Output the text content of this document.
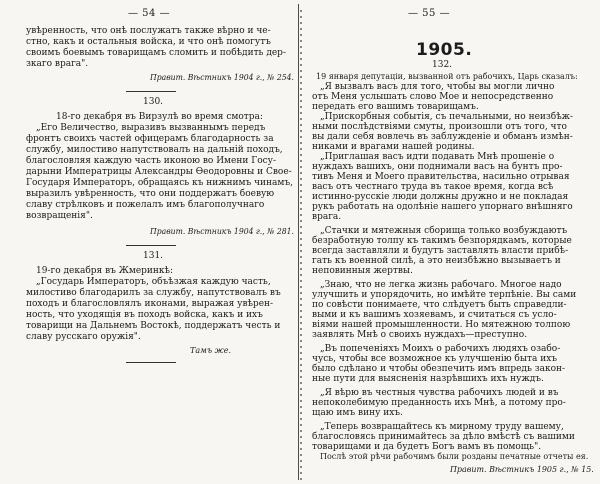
— 54 —
увѣренность, что онѣ послужатъ также вѣрно и че-
стно, какъ и остальныя войска, и что онѣ помогутъ
своимъ боевымъ товарищамъ сломить и побѣдить дер-
зкаго врага".
Правит. Вѣстникъ 1904 г., № 254.
130.
18-го декабря въ Вирзулѣ во время смотра:
„Его Величество, выразивъ вызваннымъ передъ
фронтъ своихъ частей офицерамъ благодарность за
службу, милостиво напутствовалъ на дальній походъ,
благословляя каждую часть иконою во Имени Госу-
дарыни Императрицы Александры Ѳеодоровны и Свое-
Государя Императоръ, обращаясь къ нижнимъ чинамъ,
выразилъ увѣренность, что они поддержатъ боевую
славу стрѣлковъ и пожелалъ имъ благополучнаго
возвращенія".
Правит. Вѣстникъ 1904 г., № 281.
131.
19-го декабря въ Жмеринкѣ:
„Государь Императоръ, объѣзжая каждую часть,
милостиво благодарилъ за службу, напутствовалъ въ
походъ и благословлялъ иконами, выражая увѣрен-
ность, что уходящія въ походъ войска, какъ и ихъ
товарищи на Дальнемъ Востокѣ, поддержатъ честь и
славу русскаго оружія".
Тамъ же.
— 55 —
1905.
132.
19 января депутаціи, вызванной отъ рабочихъ, Царь сказалъ:
„Я вызвалъ васъ для того, чтобы вы могли лично
отъ Меня услышать слово Мое и непосредственно
передать его вашимъ товарищамъ.
„Прискорбныя событія, съ печальными, но неизбѣж-
ными послѣдствіями смуты, произошли отъ того, что
вы дали себя вовлечь въ заблужденіе и обманъ измѣн-
никами и врагами нашей родины.
„Приглашая васъ идти подавать Мнѣ прошеніе о
нуждахъ вашихъ, они поднимали васъ на бунтъ про-
тивъ Меня и Моего правительства, насильно отрывая
васъ отъ честнаго труда въ такое время, когда всѣ
истинно-русскіе люди должны дружно и не покладая
рукъ работать на одолѣніе нашего упорнаго внѣшняго
врага.
„Стачки и мятежныя сборища только возбуждаютъ
безработную толпу къ такимъ безпорядкамъ, которые
всегда заставляли и будутъ заставлять власти прибѣ-
гать къ военной силѣ, а это неизбѣжно вызываетъ и
неповинныя жертвы.
„Знаю, что не легка жизнь рабочаго. Многое надо
улучшить и упорядочить, но имѣйте терпѣніе. Вы сами
по совѣсти понимаете, что слѣдуетъ быть справедли-
выми и къ вашимъ хозяевамъ, и считаться съ усло-
віями нашей промышленности. Но мятежною толпою
заявлять Мнѣ о своихъ нуждахъ—преступно.
„Въ попеченіяхъ Моихъ о рабочихъ людяхъ озабо-
чусь, чтобы все возможное къ улучшенію быта ихъ
было сдѣлано и чтобы обезпечить имъ впредь закон-
ные пути для выясненія назрѣвшихъ ихъ нуждъ.
„Я вѣрю въ честныя чувства рабочихъ людей и въ
непоколебимую преданность ихъ Мнѣ, а потому про-
щаю имъ вину ихъ.
„Теперь возвращайтесь къ мирному труду вашему,
благословясь принимайтесь за дѣло вмѣстѣ съ вашими
товарищами и да будетъ Богъ вамъ въ помощь".
Послѣ этой рѣчи рабочимъ были розданы печатные отчеты ея.
Правит. Вѣстникъ 1905 г., № 15.
